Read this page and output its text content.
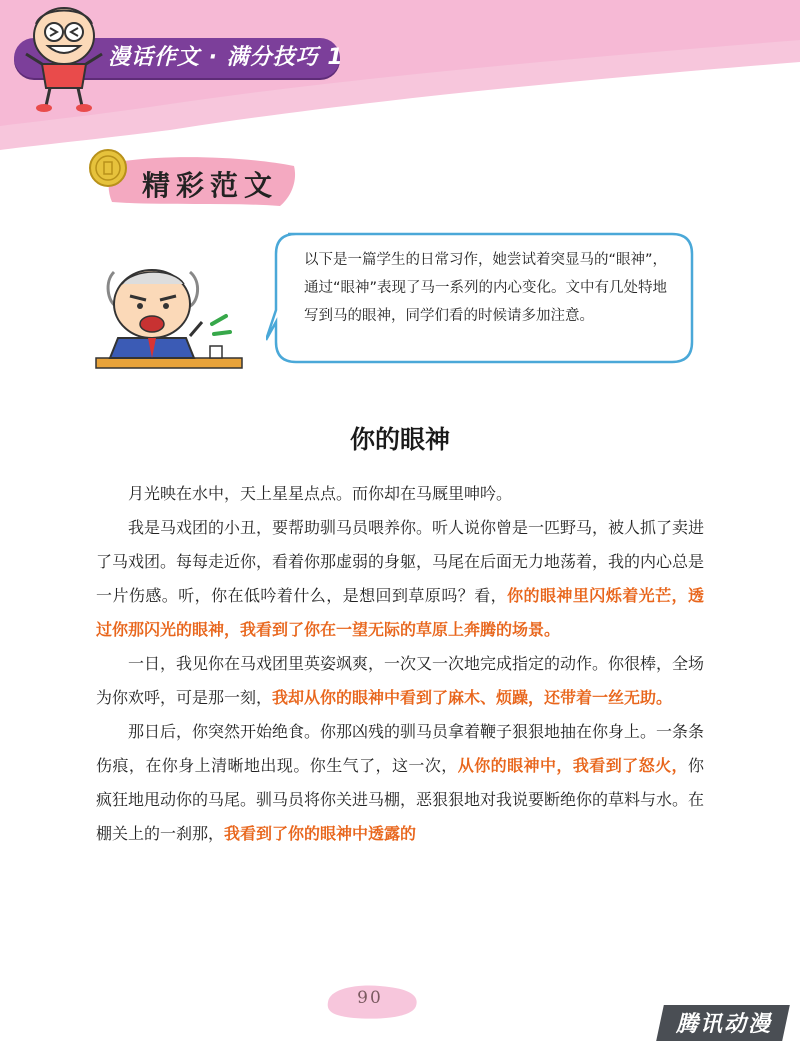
漫话作文 · 满分技巧 1
精彩范文

以下是一篇学生的日常习作，她尝试着突显马的“眼神”，通过“眼神”表现了马一系列的内心变化。文中有几处特地写到马的眼神，同学们看的时候请多加注意。

你的眼神

月光映在水中，天上星星点点。而你却在马厩里呻吟。

我是马戏团的小丑，要帮助驯马员喂养你。听人说你曾是一匹野马，被人抓了卖进了马戏团。每每走近你，看着你那虚弱的身躯，马尾在后面无力地荡着，我的内心总是一片伤感。听，你在低吟着什么，是想回到草原吗？看，你的眼神里闪烁着光芒，透过你那闪光的眼神，我看到了你在一望无际的草原上奔腾的场景。

一日，我见你在马戏团里英姿飒爽，一次又一次地完成指定的动作。你很棒，全场为你欢呼，可是那一刻，我却从你的眼神中看到了麻木、烦躁，还带着一丝无助。

那日后，你突然开始绝食。你那凶残的驯马员拿着鞭子狠狠地抽在你身上。一条条伤痕，在你身上清晰地出现。你生气了，这一次，从你的眼神中，我看到了怒火，你疯狂地甩动你的马尾。驯马员将你关进马棚，恶狠狠地对我说要断绝你的草料与水。在棚关上的一刹那，我看到了你的眼神中透露的

90
腾讯动漫
